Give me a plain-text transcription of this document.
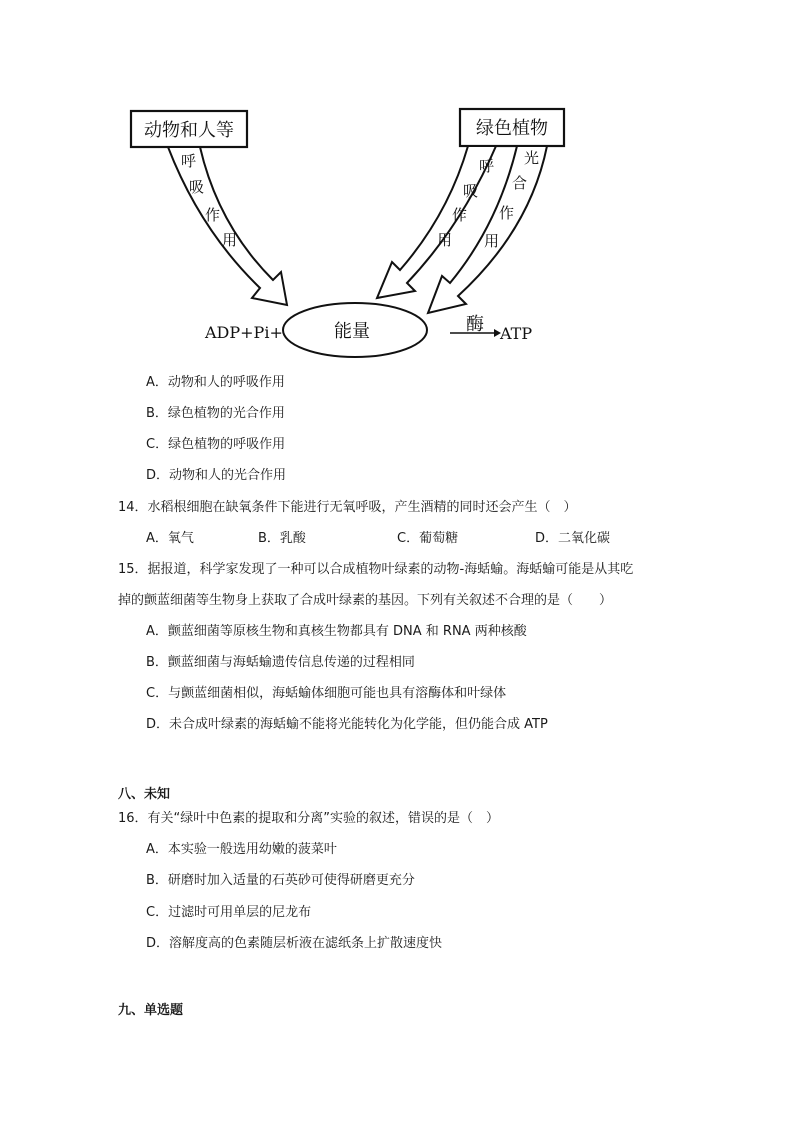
动物和人等	绿色植物
呼
吸
作
用
呼
吸
作
用
光
合
作
用
ADP+Pi+	能量	酶 ATP
A．动物和人的呼吸作用
B．绿色植物的光合作用
C．绿色植物的呼吸作用
D．动物和人的光合作用
14．水稻根细胞在缺氧条件下能进行无氧呼吸，产生酒精的同时还会产生（　）
A．氧气	B．乳酸	C．葡萄糖	D．二氧化碳
15．据报道，科学家发现了一种可以合成植物叶绿素的动物-海蛞蝓。海蛞蝓可能是从其吃
掉的颤蓝细菌等生物身上获取了合成叶绿素的基因。下列有关叙述不合理的是（　　）
A．颤蓝细菌等原核生物和真核生物都具有 DNA 和 RNA 两种核酸
B．颤蓝细菌与海蛞蝓遗传信息传递的过程相同
C．与颤蓝细菌相似，海蛞蝓体细胞可能也具有溶酶体和叶绿体
D．未合成叶绿素的海蛞蝓不能将光能转化为化学能，但仍能合成 ATP
八、未知
16．有关“绿叶中色素的提取和分离”实验的叙述，错误的是（　）
A．本实验一般选用幼嫩的菠菜叶
B．研磨时加入适量的石英砂可使得研磨更充分
C．过滤时可用单层的尼龙布
D．溶解度高的色素随层析液在滤纸条上扩散速度快
九、单选题
